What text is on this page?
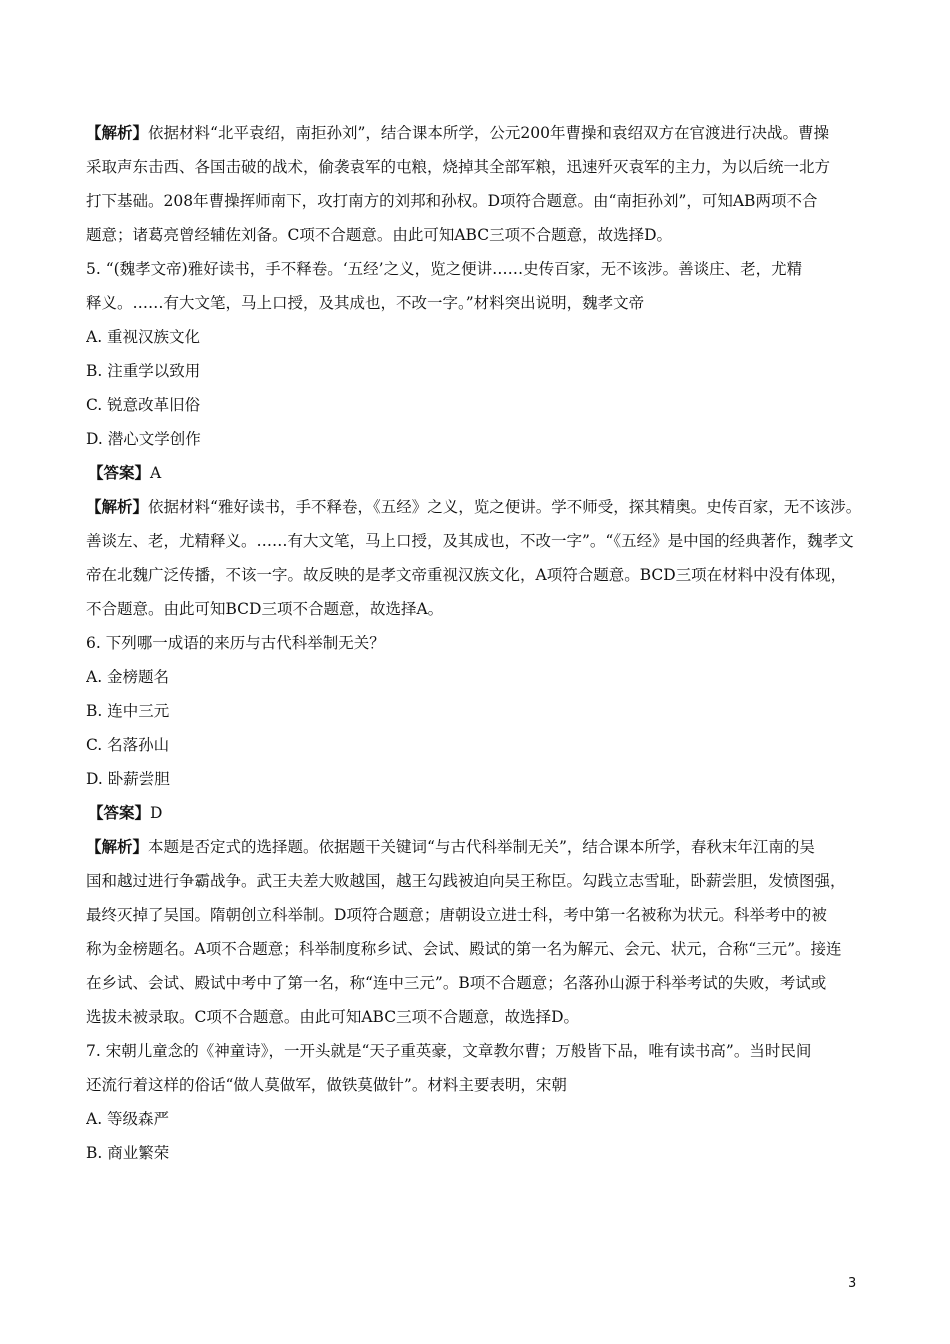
【解析】依据材料“北平袁绍，南拒孙刘”，结合课本所学，公元200年曹操和袁绍双方在官渡进行决战。曹操
采取声东击西、各国击破的战术，偷袭袁军的屯粮，烧掉其全部军粮，迅速歼灭袁军的主力，为以后统一北方
打下基础。208年曹操挥师南下，攻打南方的刘邦和孙权。D项符合题意。由“南拒孙刘”，可知AB两项不合
题意；诸葛亮曾经辅佐刘备。C项不合题意。由此可知ABC三项不合题意，故选择D。
5. “(魏孝文帝)雅好读书，手不释卷。‘五经’之义，览之便讲……史传百家，无不该涉。善谈庄、老，尤精
释义。……有大文笔，马上口授，及其成也，不改一字。”材料突出说明，魏孝文帝
A. 重视汉族文化
B. 注重学以致用
C. 锐意改革旧俗
D. 潜心文学创作
【答案】A
【解析】依据材料“雅好读书，手不释卷，《五经》之义，览之便讲。学不师受，探其精奥。史传百家，无不该涉。
善谈左、老，尤精释义。……有大文笔，马上口授，及其成也，不改一字”。“《五经》是中国的经典著作，魏孝文
帝在北魏广泛传播，不该一字。故反映的是孝文帝重视汉族文化，A项符合题意。BCD三项在材料中没有体现，
不合题意。由此可知BCD三项不合题意，故选择A。
6. 下列哪一成语的来历与古代科举制无关？
A. 金榜题名
B. 连中三元
C. 名落孙山
D. 卧薪尝胆
【答案】D
【解析】本题是否定式的选择题。依据题干关键词“与古代科举制无关”，结合课本所学，春秋末年江南的吴
国和越过进行争霸战争。武王夫差大败越国，越王勾践被迫向吴王称臣。勾践立志雪耻，卧薪尝胆，发愤图强，
最终灭掉了吴国。隋朝创立科举制。D项符合题意；唐朝设立进士科，考中第一名被称为状元。科举考中的被
称为金榜题名。A项不合题意；科举制度称乡试、会试、殿试的第一名为解元、会元、状元，合称“三元”。接连
在乡试、会试、殿试中考中了第一名，称“连中三元”。B项不合题意；名落孙山源于科举考试的失败，考试或
选拔未被录取。C项不合题意。由此可知ABC三项不合题意，故选择D。
7. 宋朝儿童念的《神童诗》，一开头就是“天子重英豪，文章教尔曹；万般皆下品，唯有读书高”。当时民间
还流行着这样的俗话“做人莫做军，做铁莫做针”。材料主要表明，宋朝
A. 等级森严
B. 商业繁荣
3
